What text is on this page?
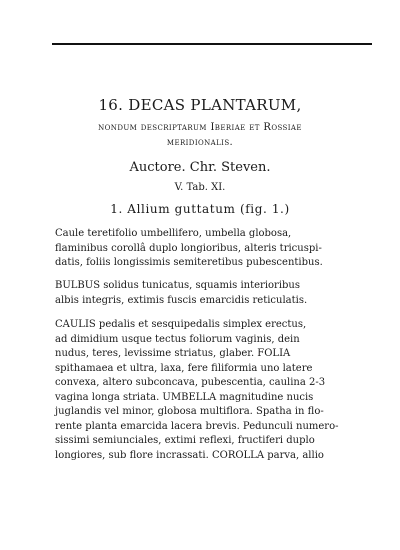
16. DECAS PLANTARUM,
nondum descriptarum Iberiae et Rossiae
meridionalis.
Auctore. Chr. Steven.
V. Tab. XI.
1. Allium guttatum (fig. 1.)
Caule teretifolio umbellifero, umbella globosa,
flaminibus corollâ duplo longioribus, alteris tricuspi-
datis, foliis longissimis semiteretibus pubescentibus.
BULBUS solidus tunicatus, squamis interioribus
albis integris, extimis fuscis emarcidis reticulatis.
CAULIS pedalis et sesquipedalis simplex erectus,
ad dimidium usque tectus foliorum vaginis, dein
nudus, teres, levissime striatus, glaber. FOLIA
spithamaea et ultra, laxa, fere filiformia uno latere
convexa, altero subconcava, pubescentia, caulina 2-3
vagina longa striata. UMBELLA magnitudine nucis
juglandis vel minor, globosa multiflora. Spatha in flo-
rente planta emarcida lacera brevis. Pedunculi numero-
sissimi semiunciales, extimi reflexi, fructiferi duplo
longiores, sub flore incrassati. COROLLA parva, allio
